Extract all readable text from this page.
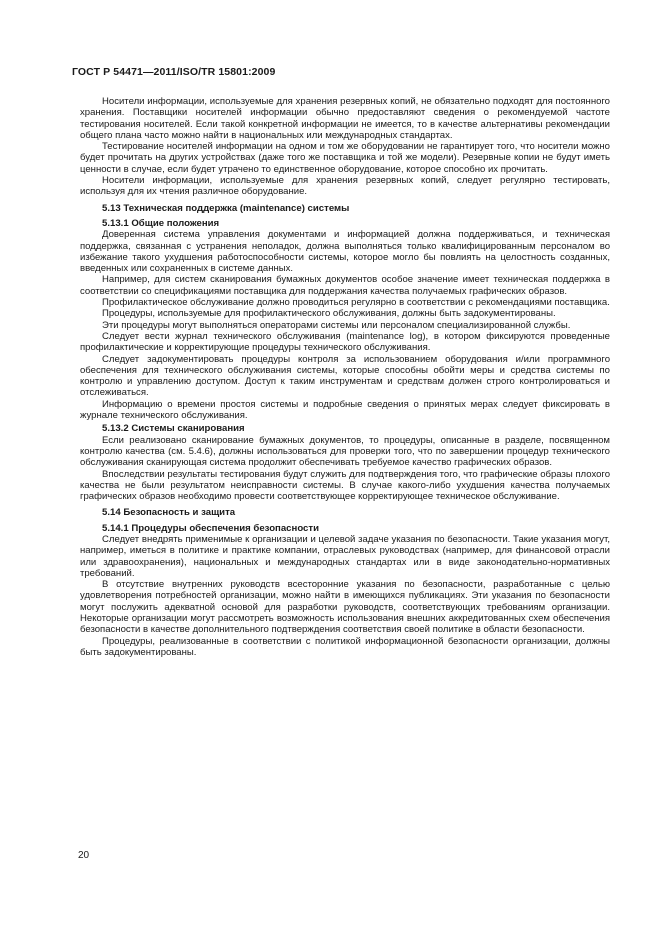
ГОСТ Р 54471—2011/ISO/TR 15801:2009

Носители информации, используемые для хранения резервных копий, не обязательно подходят для постоянного хранения. Поставщики носителей информации обычно предоставляют сведения о рекомендуемой частоте тестирования носителей. Если такой конкретной информации не имеется, то в качестве альтернативы рекомендации общего плана часто можно найти в национальных или международных стандартах.

Тестирование носителей информации на одном и том же оборудовании не гарантирует того, что носители можно будет прочитать на других устройствах (даже того же поставщика и той же модели). Резервные копии не будут иметь ценности в случае, если будет утрачено то единственное оборудование, которое способно их прочитать.

Носители информации, используемые для хранения резервных копий, следует регулярно тестировать, используя для их чтения различное оборудование.

5.13 Техническая поддержка (maintenance) системы
5.13.1 Общие положения

Доверенная система управления документами и информацией должна поддерживаться, и техническая поддержка, связанная с устранения неполадок, должна выполняться только квалифицированным персоналом во избежание такого ухудшения работоспособности системы, которое могло бы повлиять на целостность созданных, введенных или сохраненных в системе данных.

Например, для систем сканирования бумажных документов особое значение имеет техническая поддержка в соответствии со спецификациями поставщика для поддержания качества получаемых графических образов.

Профилактическое обслуживание должно проводиться регулярно в соответствии с рекомендациями поставщика.

Процедуры, используемые для профилактического обслуживания, должны быть задокументированы.

Эти процедуры могут выполняться операторами системы или персоналом специализированной службы.

Следует вести журнал технического обслуживания (maintenance log), в котором фиксируются проведенные профилактические и корректирующие процедуры технического обслуживания.

Следует задокументировать процедуры контроля за использованием оборудования и/или программного обеспечения для технического обслуживания системы, которые способны обойти меры и средства системы по контролю и управлению доступом. Доступ к таким инструментам и средствам должен строго контролироваться и отслеживаться.

Информацию о времени простоя системы и подробные сведения о принятых мерах следует фиксировать в журнале технического обслуживания.

5.13.2 Системы сканирования

Если реализовано сканирование бумажных документов, то процедуры, описанные в разделе, посвященном контролю качества (см. 5.4.6), должны использоваться для проверки того, что по завершении процедур технического обслуживания сканирующая система продолжит обеспечивать требуемое качество графических образов.

Впоследствии результаты тестирования будут служить для подтверждения того, что графические образы плохого качества не были результатом неисправности системы. В случае какого-либо ухудшения качества получаемых графических образов необходимо провести соответствующее корректирующее техническое обслуживание.

5.14 Безопасность и защита
5.14.1 Процедуры обеспечения безопасности

Следует внедрять применимые к организации и целевой задаче указания по безопасности. Такие указания могут, например, иметься в политике и практике компании, отраслевых руководствах (например, для финансовой отрасли или здравоохранения), национальных и международных стандартах или в виде законодательно-нормативных требований.

В отсутствие внутренних руководств всесторонние указания по безопасности, разработанные с целью удовлетворения потребностей организации, можно найти в имеющихся публикациях. Эти указания по безопасности могут послужить адекватной основой для разработки руководств, соответствующих требованиям организации. Некоторые организации могут рассмотреть возможность использования внешних аккредитованных схем обеспечения безопасности в качестве дополнительного подтверждения соответствия своей политике в области безопасности.

Процедуры, реализованные в соответствии с политикой информационной безопасности организации, должны быть задокументированы.

20
